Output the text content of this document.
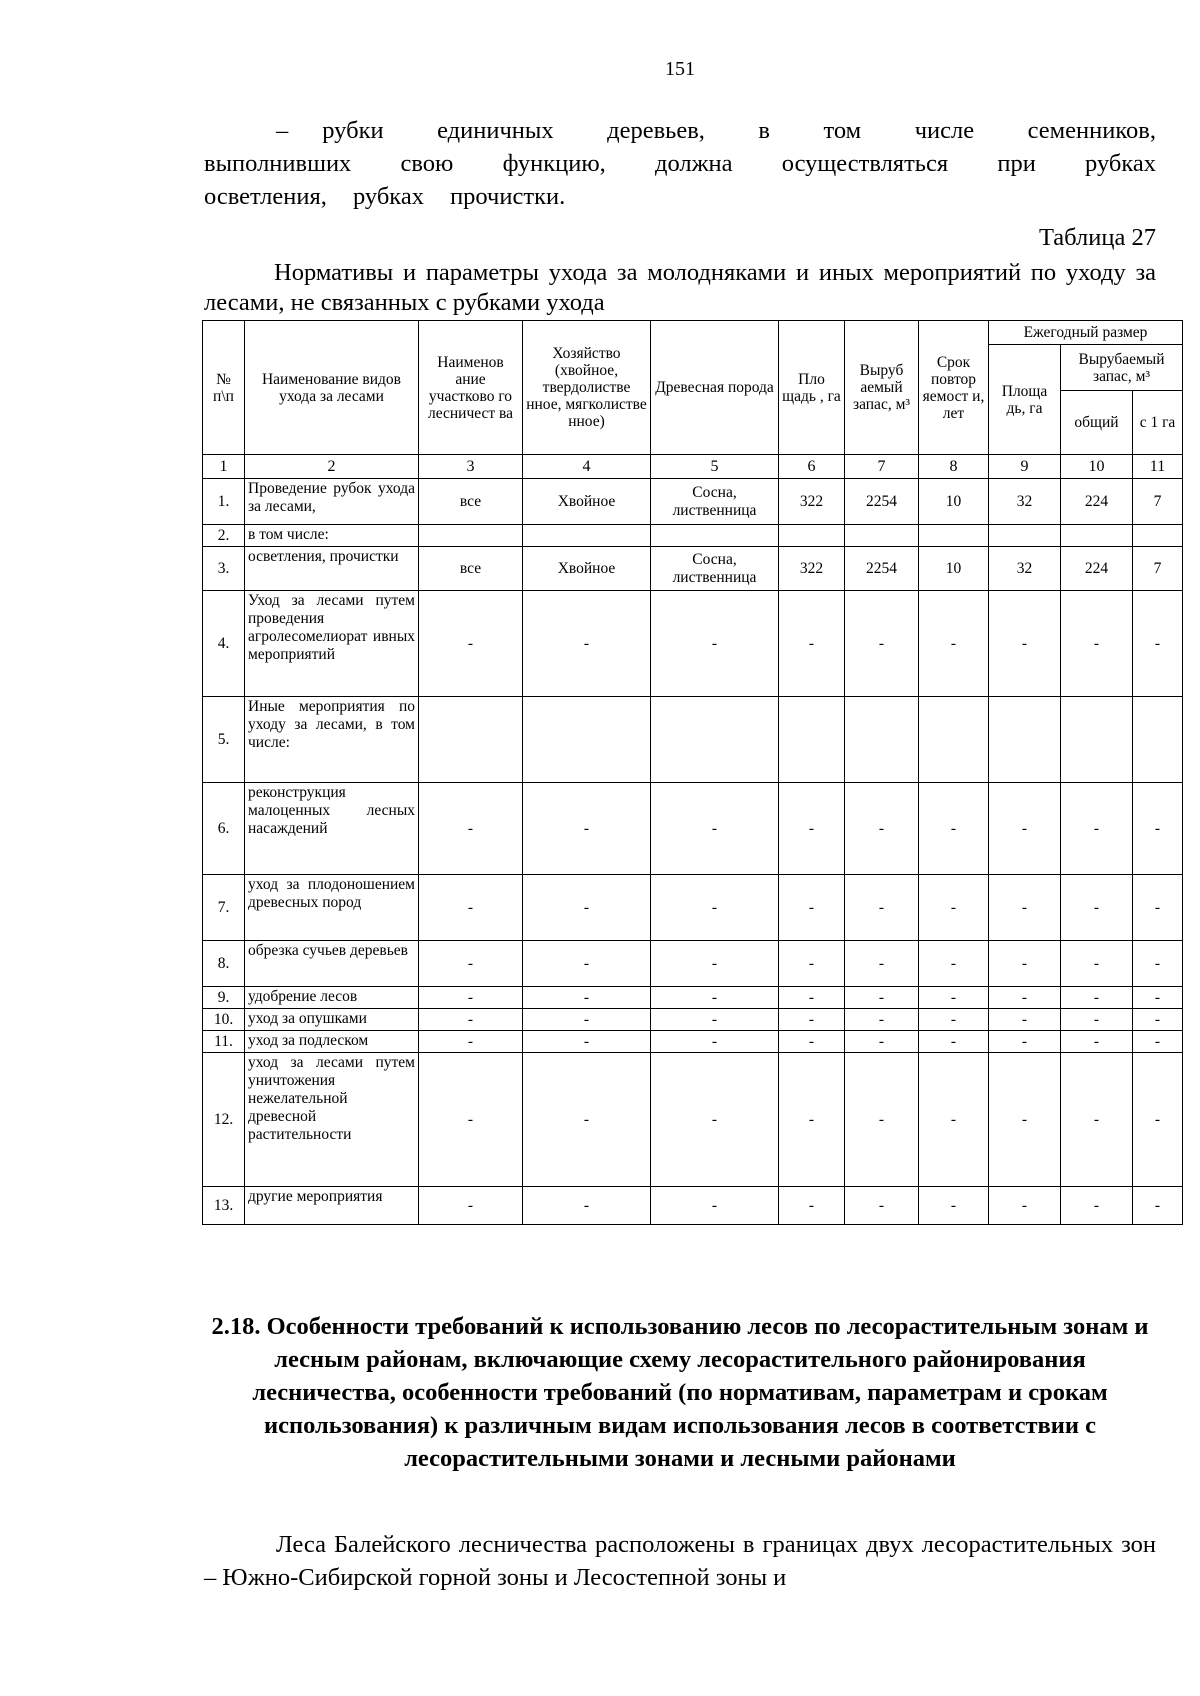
151
– рубки единичных деревьев, в том числе семенников, выполнивших свою функцию, должна осуществляться при рубках осветления, рубках прочистки.
Таблица 27
Нормативы и параметры ухода за молодняками и иных мероприятий по уходу за лесами, не связанных с рубками ухода
№ п\п	Наименование видов ухода за лесами	Наименов ание участково го лесничест ва	Хозяйство (хвойное, твердолистве нное, мягколистве нное)	Древесная порода	Пло щадь , га	Выруб аемый запас, м³	Срок повтор яемост и, лет	Ежегодный размер		
								Площа дь, га	Вырубаемый запас, м³	
									общий	с 1 га
1	2	3	4	5	6	7	8	9	10	11
1.	Проведение рубок ухода за лесами,	все	Хвойное	Сосна, лиственница	322	2254	10	32	224	7
2.	в том числе:									
3.	осветления, прочистки	все	Хвойное	Сосна, лиственница	322	2254	10	32	224	7
4.	Уход за лесами путем проведения агролесомелиорат ивных мероприятий	-	-	-	-	-	-	-	-	-
5.	Иные мероприятия по уходу за лесами, в том числе:									
6.	реконструкция малоценных лесных насаждений	-	-	-	-	-	-	-	-	-
7.	уход за плодоношением древесных пород	-	-	-	-	-	-	-	-	-
8.	обрезка сучьев деревьев	-	-	-	-	-	-	-	-	-
9.	удобрение лесов	-	-	-	-	-	-	-	-	-
10.	уход за опушками	-	-	-	-	-	-	-	-	-
11.	уход за подлеском	-	-	-	-	-	-	-	-	-
12.	уход за лесами путем уничтожения нежелательной древесной растительности	-	-	-	-	-	-	-	-	-
13.	другие мероприятия	-	-	-	-	-	-	-	-	-
2.18. Особенности требований к использованию лесов по лесорастительным зонам и лесным районам, включающие схему лесорастительного районирования лесничества, особенности требований (по нормативам, параметрам и срокам использования) к различным видам использования лесов в соответствии с лесорастительными зонами и лесными районами
Леса Балейского лесничества расположены в границах двух лесорастительных зон – Южно-Сибирской горной зоны и Лесостепной зоны и
